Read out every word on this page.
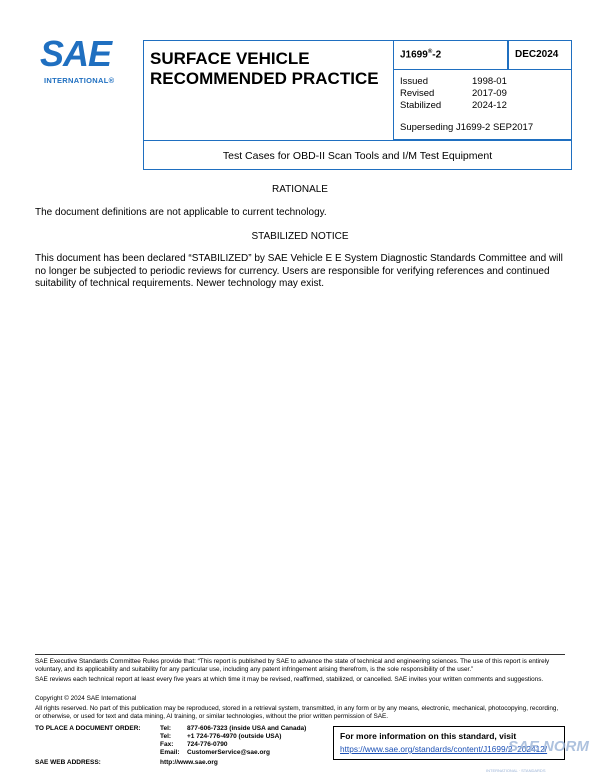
SAE
INTERNATIONAL®
SURFACE VEHICLE
RECOMMENDED PRACTICE
J1699®-2	DEC2024
Issued	1998-01
Revised	2017-09
Stabilized	2024-12
Superseding J1699-2 SEP2017
Test Cases for OBD-II Scan Tools and I/M Test Equipment
RATIONALE
The document definitions are not applicable to current technology.
STABILIZED NOTICE
This document has been declared “STABILIZED” by SAE Vehicle E E System Diagnostic Standards Committee and will no longer be subjected to periodic reviews for currency. Users are responsible for verifying references and continued suitability of technical requirements. Newer technology may exist.
SAE Executive Standards Committee Rules provide that: “This report is published by SAE to advance the state of technical and engineering sciences. The use of this report is entirely voluntary, and its applicability and suitability for any particular use, including any patent infringement arising therefrom, is the sole responsibility of the user.”
SAE reviews each technical report at least every five years at which time it may be revised, reaffirmed, stabilized, or cancelled. SAE invites your written comments and suggestions.
Copyright © 2024 SAE International
All rights reserved. No part of this publication may be reproduced, stored in a retrieval system, transmitted, in any form or by any means, electronic, mechanical, photocopying, recording, or otherwise, or used for text and data mining, AI training, or similar technologies, without the prior written permission of SAE.
TO PLACE A DOCUMENT ORDER:	Tel: 877-606-7323 (inside USA and Canada)
Tel: +1 724-776-4970 (outside USA)
Fax: 724-776-0790
Email: CustomerService@sae.org
SAE WEB ADDRESS:	http://www.sae.org
For more information on this standard, visit
https://www.sae.org/standards/content/J1699/2_202412/
SAE NORM
INTERNATIONAL · STANDARDS
